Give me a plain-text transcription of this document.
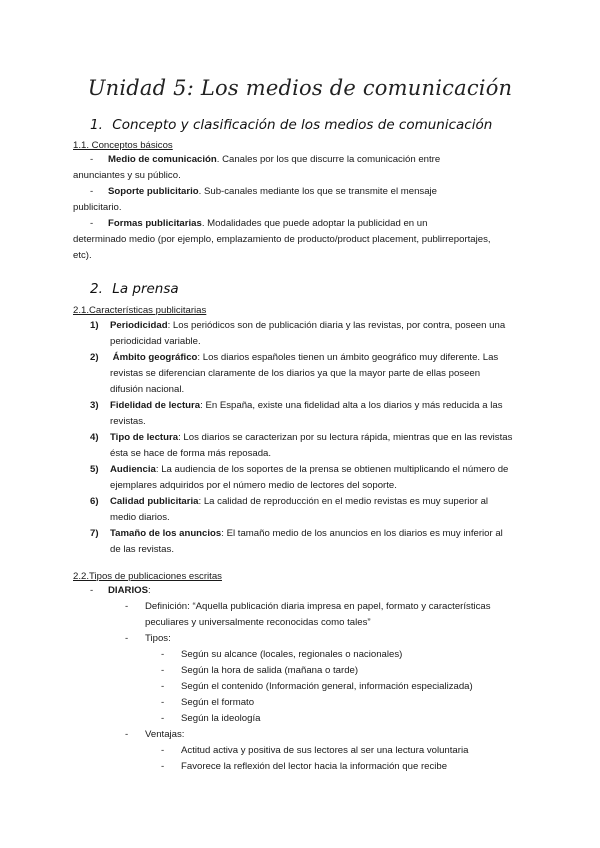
Unidad 5: Los medios de comunicación
1. Concepto y clasificación de los medios de comunicación
1.1. Conceptos básicos
- Medio de comunicación. Canales por los que discurre la comunicación entre
anunciantes y su público.
- Soporte publicitario. Sub-canales mediante los que se transmite el mensaje
publicitario.
- Formas publicitarias. Modalidades que puede adoptar la publicidad en un
determinado medio (por ejemplo, emplazamiento de producto/product placement, publirreportajes,
etc).
2. La prensa
2.1.Características publicitarias
1) Periodicidad: Los periódicos son de publicación diaria y las revistas, por contra, poseen una
periodicidad variable.
2) Ámbito geográfico: Los diarios españoles tienen un ámbito geográfico muy diferente. Las
revistas se diferencian claramente de los diarios ya que la mayor parte de ellas poseen
difusión nacional.
3) Fidelidad de lectura: En España, existe una fidelidad alta a los diarios y más reducida a las
revistas.
4) Tipo de lectura: Los diarios se caracterizan por su lectura rápida, mientras que en las revistas
ésta se hace de forma más reposada.
5) Audiencia: La audiencia de los soportes de la prensa se obtienen multiplicando el número de
ejemplares adquiridos por el número medio de lectores del soporte.
6) Calidad publicitaria: La calidad de reproducción en el medio revistas es muy superior al
medio diarios.
7) Tamaño de los anuncios: El tamaño medio de los anuncios en los diarios es muy inferior al
de las revistas.
2.2.Tipos de publicaciones escritas
- DIARIOS:
- Definición: “Aquella publicación diaria impresa en papel, formato y características
peculiares y universalmente reconocidas como tales”
- Tipos:
- Según su alcance (locales, regionales o nacionales)
- Según la hora de salida (mañana o tarde)
- Según el contenido (Información general, información especializada)
- Según el formato
- Según la ideología
- Ventajas:
- Actitud activa y positiva de sus lectores al ser una lectura voluntaria
- Favorece la reflexión del lector hacia la información que recibe
